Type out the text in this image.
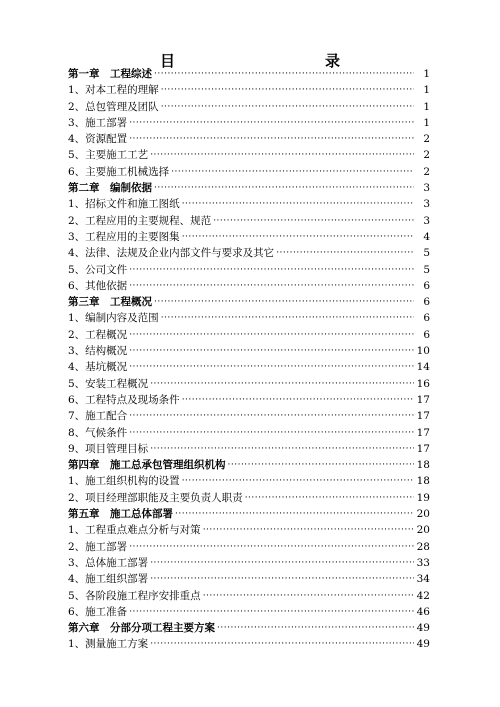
目　　录
第一章　工程综述 ·····	1
1、对本工程的理解 ·····	1
2、总包管理及团队 ·····	1
3、施工部署 ·····	1
4、资源配置 ·····	2
5、主要施工工艺 ·····	2
6、主要施工机械选择 ·····	2
第二章　编制依据 ·····	3
1、招标文件和施工图纸 ·····	3
2、工程应用的主要规程、规范 ·····	3
3、工程应用的主要图集 ·····	4
4、法律、法规及企业内部文件与要求及其它 ·····	5
5、公司文件 ·····	5
6、其他依据 ·····	6
第三章　工程概况 ·····	6
1、编制内容及范围 ·····	6
2、工程概况 ·····	6
3、结构概况 ·····	10
4、基坑概况 ·····	14
5、安装工程概况 ·····	16
6、工程特点及现场条件 ·····	17
7、施工配合 ·····	17
8、气候条件 ·····	17
9、项目管理目标 ·····	17
第四章　施工总承包管理组织机构 ·····	18
1、施工组织机构的设置 ·····	18
2、项目经理部职能及主要负责人职责 ·····	19
第五章　施工总体部署 ·····	20
1、工程重点难点分析与对策 ·····	20
2、施工部署 ·····	28
3、总体施工部署 ·····	33
4、施工组织部署 ·····	34
5、各阶段施工程序安排重点 ·····	42
6、施工准备 ·····	46
第六章　分部分项工程主要方案 ·····	49
1、测量施工方案 ·····	49
